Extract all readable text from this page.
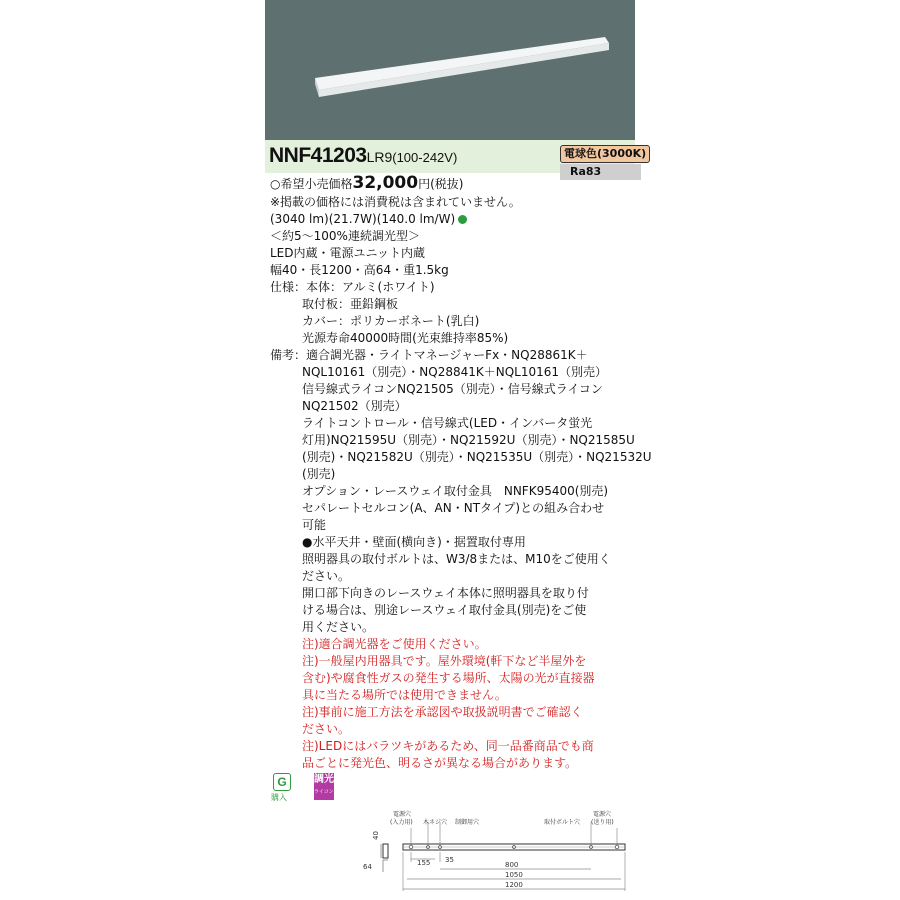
NNF41203LR9(100-242V)	電球色(3000K)
Ra83
○希望小売価格32,000円(税抜)
※掲載の価格には消費税は含まれていません。
(3040 lm)(21.7W)(140.0 lm/W)
＜約5～100%連続調光型＞
LED内蔵・電源ユニット内蔵
幅40・長1200・高64・重1.5kg
仕様：本体：アルミ(ホワイト)
取付板：亜鉛鋼板
カバー：ポリカーボネート(乳白)
光源寿命40000時間(光束維持率85%)
備考：適合調光器・ライトマネージャーFx・NQ28861K＋
NQL10161（別売）・NQ28841K＋NQL10161（別売）
信号線式ライコンNQ21505（別売）・信号線式ライコン
NQ21502（別売）
ライトコントロール・信号線式(LED・インバータ蛍光
灯用)NQ21595U（別売）・NQ21592U（別売）・NQ21585U
(別売)・NQ21582U（別売）・NQ21535U（別売）・NQ21532U
(別売)
オプション・レースウェイ取付金具　NNFK95400(別売)
セパレートセルコン(A、AN・NTタイプ)との組み合わせ
可能
●水平天井・壁面(横向き)・据置取付専用
照明器具の取付ボルトは、W3/8または、M10をご使用く
ださい。
開口部下向きのレースウェイ本体に照明器具を取り付
ける場合は、別途レースウェイ取付金具(別売)をご使
用ください。
注)適合調光器をご使用ください。
注)一般屋内用器具です。屋外環境(軒下など半屋外を
含む)や腐食性ガスの発生する場所、太陽の光が直接器
具に当たる場所では使用できません。
注)事前に施工方法を承認図や取扱説明書でご確認く
ださい。
注)LEDにはバラツキがあるため、同一品番商品でも商
品ごとに発光色、明るさが異なる場合があります。
G
購入
調光
ライコン別売
40
64
電源穴
(入力用) 木ネジ穴 制御用穴	取付ボルト穴
電源穴
(送り用)
155 35
800
1050
1200
